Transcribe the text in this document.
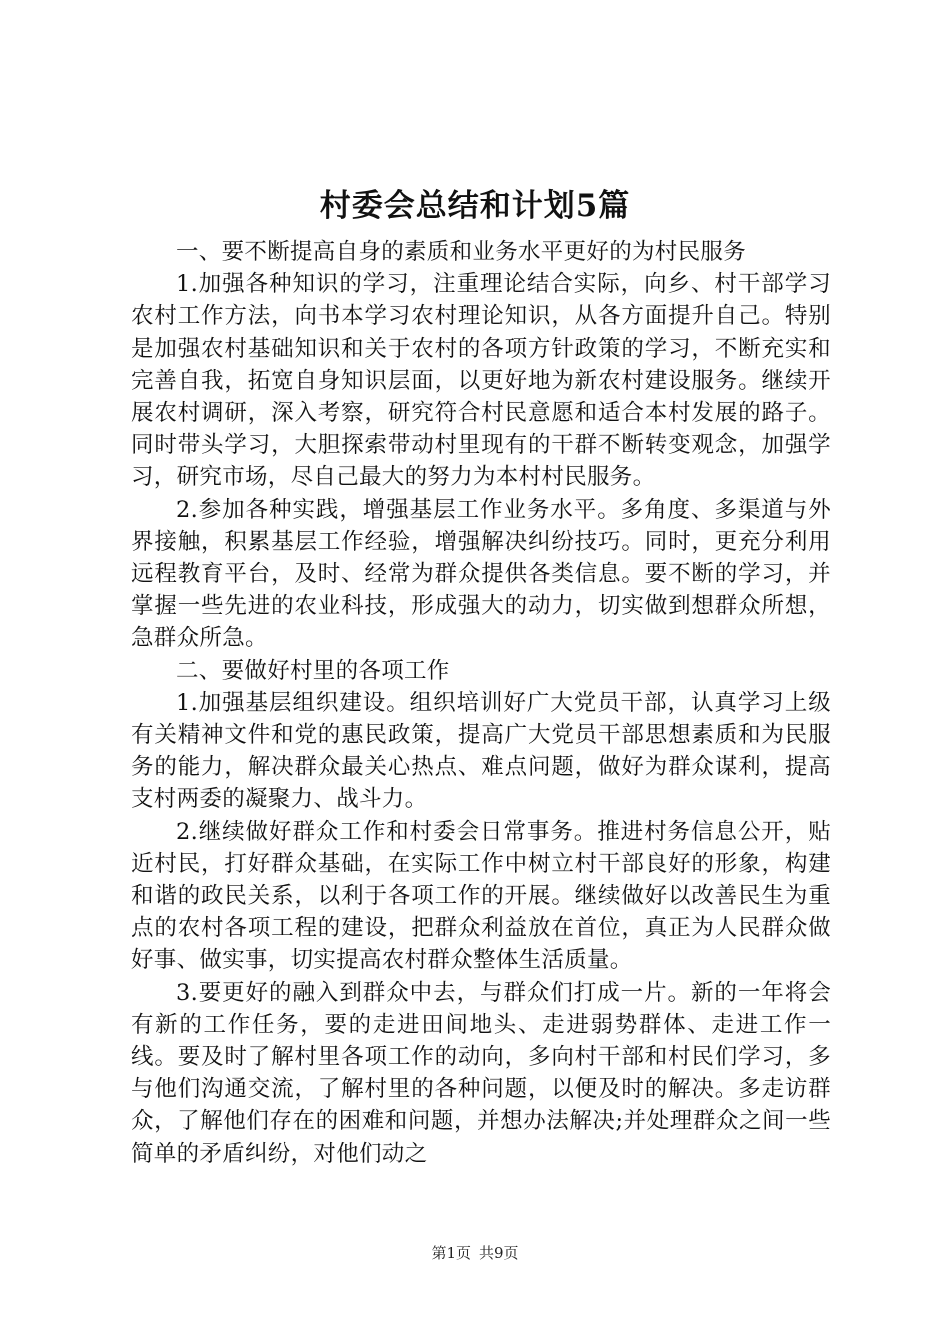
村委会总结和计划5篇

一、要不断提高自身的素质和业务水平更好的为村民服务

1.加强各种知识的学习，注重理论结合实际，向乡、村干部学习农村工作方法，向书本学习农村理论知识，从各方面提升自己。特别是加强农村基础知识和关于农村的各项方针政策的学习，不断充实和完善自我，拓宽自身知识层面，以更好地为新农村建设服务。继续开展农村调研，深入考察，研究符合村民意愿和适合本村发展的路子。同时带头学习，大胆探索带动村里现有的干群不断转变观念，加强学习，研究市场，尽自己最大的努力为本村村民服务。

2.参加各种实践，增强基层工作业务水平。多角度、多渠道与外界接触，积累基层工作经验，增强解决纠纷技巧。同时，更充分利用远程教育平台，及时、经常为群众提供各类信息。要不断的学习，并掌握一些先进的农业科技，形成强大的动力，切实做到想群众所想，急群众所急。

二、要做好村里的各项工作

1.加强基层组织建设。组织培训好广大党员干部，认真学习上级有关精神文件和党的惠民政策，提高广大党员干部思想素质和为民服务的能力，解决群众最关心热点、难点问题，做好为群众谋利，提高支村两委的凝聚力、战斗力。

2.继续做好群众工作和村委会日常事务。推进村务信息公开，贴近村民，打好群众基础，在实际工作中树立村干部良好的形象，构建和谐的政民关系，以利于各项工作的开展。继续做好以改善民生为重点的农村各项工程的建设，把群众利益放在首位，真正为人民群众做好事、做实事，切实提高农村群众整体生活质量。

3.要更好的融入到群众中去，与群众们打成一片。新的一年将会有新的工作任务，要的走进田间地头、走进弱势群体、走进工作一线。要及时了解村里各项工作的动向，多向村干部和村民们学习，多与他们沟通交流，了解村里的各种问题，以便及时的解决。多走访群众，了解他们存在的困难和问题，并想办法解决;并处理群众之间一些简单的矛盾纠纷，对他们动之

第1页 共9页
